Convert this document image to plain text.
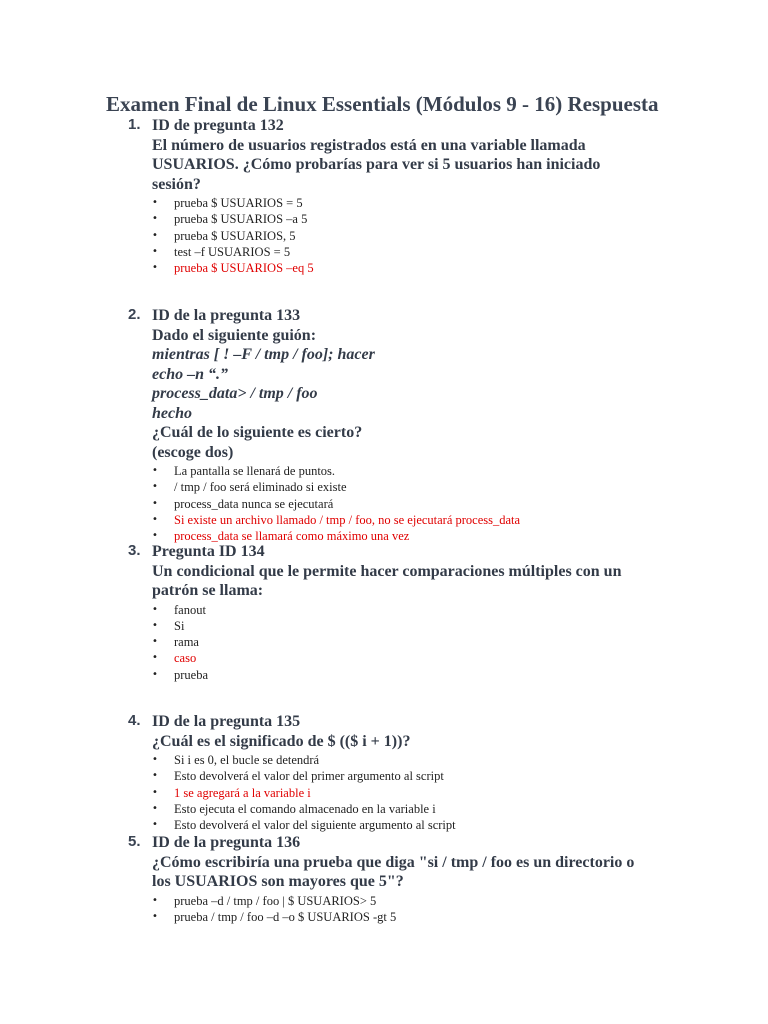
Examen Final de Linux Essentials (Módulos 9 - 16) Respuesta
1. ID de pregunta 132
El número de usuarios registrados está en una variable llamada
USUARIOS. ¿Cómo probarías para ver si 5 usuarios han iniciado
sesión?
• prueba $ USUARIOS = 5
• prueba $ USUARIOS –a 5
• prueba $ USUARIOS, 5
• test –f USUARIOS = 5
• prueba $ USUARIOS –eq 5
2. ID de la pregunta 133
Dado el siguiente guión:
mientras [ ! –F / tmp / foo]; hacer
echo –n “.”
process_data> / tmp / foo
hecho
¿Cuál de lo siguiente es cierto?
(escoge dos)
• La pantalla se llenará de puntos.
• / tmp / foo será eliminado si existe
• process_data nunca se ejecutará
• Si existe un archivo llamado / tmp / foo, no se ejecutará process_data
• process_data se llamará como máximo una vez
3. Pregunta ID 134
Un condicional que le permite hacer comparaciones múltiples con un
patrón se llama:
• fanout
• Si
• rama
• caso
• prueba
4. ID de la pregunta 135
¿Cuál es el significado de $ (($ i + 1))?
• Si i es 0, el bucle se detendrá
• Esto devolverá el valor del primer argumento al script
• 1 se agregará a la variable i
• Esto ejecuta el comando almacenado en la variable i
• Esto devolverá el valor del siguiente argumento al script
5. ID de la pregunta 136
¿Cómo escribiría una prueba que diga "si / tmp / foo es un directorio o
los USUARIOS son mayores que 5"?
• prueba –d / tmp / foo | $ USUARIOS> 5
• prueba / tmp / foo –d –o $ USUARIOS -gt 5
